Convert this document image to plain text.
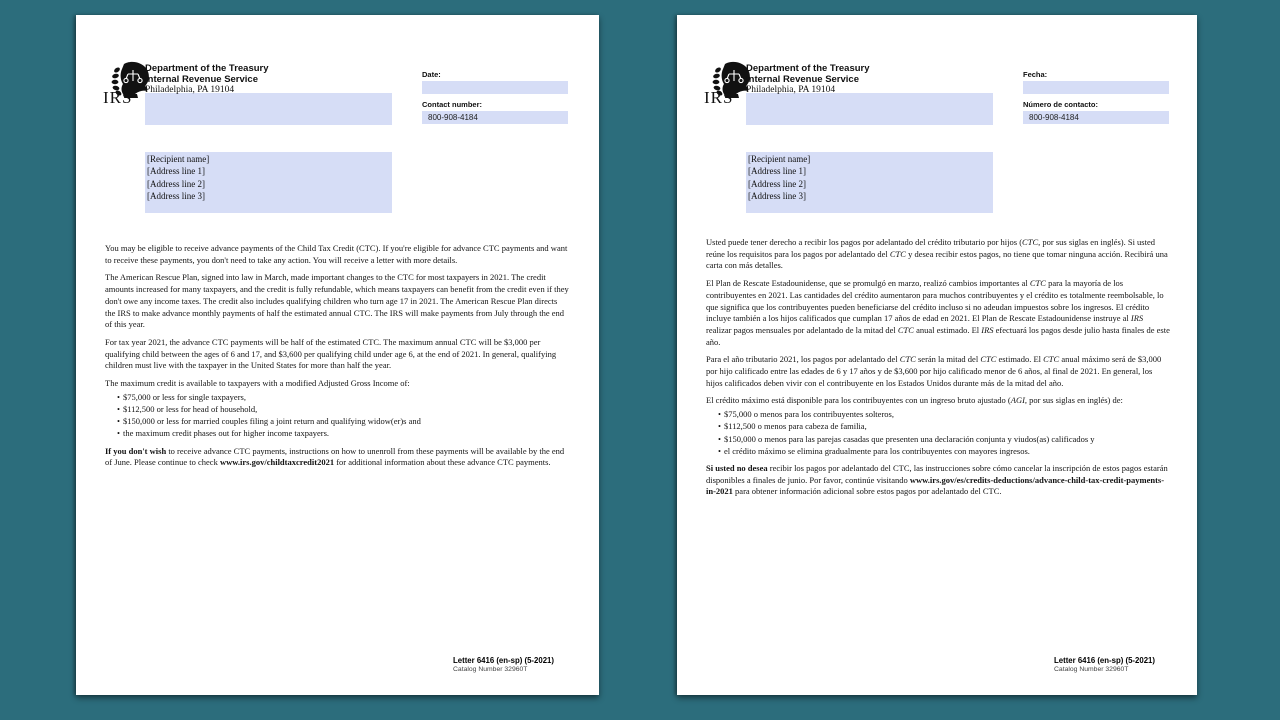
IRS
Department of the Treasury
Internal Revenue Service
Philadelphia, PA 19104
Date:
Contact number:
800-908-4184
[Recipient name]
[Address line 1]
[Address line 2]
[Address line 3]
You may be eligible to receive advance payments of the Child Tax Credit (CTC). If you're eligible for advance CTC payments and want to receive these payments, you don't need to take any action. You will receive a letter with more details.
The American Rescue Plan, signed into law in March, made important changes to the CTC for most taxpayers in 2021. The credit amounts increased for many taxpayers, and the credit is fully refundable, which means taxpayers can benefit from the credit even if they don't owe any income taxes. The credit also includes qualifying children who turn age 17 in 2021. The American Rescue Plan directs the IRS to make advance monthly payments of half the estimated annual CTC. The IRS will make payments from July through the end of this year.
For tax year 2021, the advance CTC payments will be half of the estimated CTC. The maximum annual CTC will be $3,000 per qualifying child between the ages of 6 and 17, and $3,600 per qualifying child under age 6, at the end of 2021. In general, qualifying children must live with the taxpayer in the United States for more than half the year.
The maximum credit is available to taxpayers with a modified Adjusted Gross Income of:
• $75,000 or less for single taxpayers,
• $112,500 or less for head of household,
• $150,000 or less for married couples filing a joint return and qualifying widow(er)s and
• the maximum credit phases out for higher income taxpayers.
If you don't wish to receive advance CTC payments, instructions on how to unenroll from these payments will be available by the end of June. Please continue to check www.irs.gov/childtaxcredit2021 for additional information about these advance CTC payments.
Letter 6416 (en-sp) (5-2021)
Catalog Number 32960T
IRS
Department of the Treasury
Internal Revenue Service
Philadelphia, PA 19104
Fecha:
Número de contacto:
800-908-4184
[Recipient name]
[Address line 1]
[Address line 2]
[Address line 3]
Usted puede tener derecho a recibir los pagos por adelantado del crédito tributario por hijos (CTC, por sus siglas en inglés). Si usted reúne los requisitos para los pagos por adelantado del CTC y desea recibir estos pagos, no tiene que tomar ninguna acción. Recibirá una carta con más detalles.
El Plan de Rescate Estadounidense, que se promulgó en marzo, realizó cambios importantes al CTC para la mayoría de los contribuyentes en 2021. Las cantidades del crédito aumentaron para muchos contribuyentes y el crédito es totalmente reembolsable, lo que significa que los contribuyentes pueden beneficiarse del crédito incluso si no adeudan impuestos sobre los ingresos. El crédito incluye también a los hijos calificados que cumplan 17 años de edad en 2021. El Plan de Rescate Estadounidense instruye al IRS realizar pagos mensuales por adelantado de la mitad del CTC anual estimado. El IRS efectuará los pagos desde julio hasta finales de este año.
Para el año tributario 2021, los pagos por adelantado del CTC serán la mitad del CTC estimado. El CTC anual máximo será de $3,000 por hijo calificado entre las edades de 6 y 17 años y de $3,600 por hijo calificado menor de 6 años, al final de 2021. En general, los hijos calificados deben vivir con el contribuyente en los Estados Unidos durante más de la mitad del año.
El crédito máximo está disponible para los contribuyentes con un ingreso bruto ajustado (AGI, por sus siglas en inglés) de:
• $75,000 o menos para los contribuyentes solteros,
• $112,500 o menos para cabeza de familia,
• $150,000 o menos para las parejas casadas que presenten una declaración conjunta y viudos(as) calificados y
• el crédito máximo se elimina gradualmente para los contribuyentes con mayores ingresos.
Si usted no desea recibir los pagos por adelantado del CTC, las instrucciones sobre cómo cancelar la inscripción de estos pagos estarán disponibles a finales de junio. Por favor, continúe visitando www.irs.gov/es/credits-deductions/advance-child-tax-credit-payments-in-2021 para obtener información adicional sobre estos pagos por adelantado del CTC.
Letter 6416 (en-sp) (5-2021)
Catalog Number 32960T
